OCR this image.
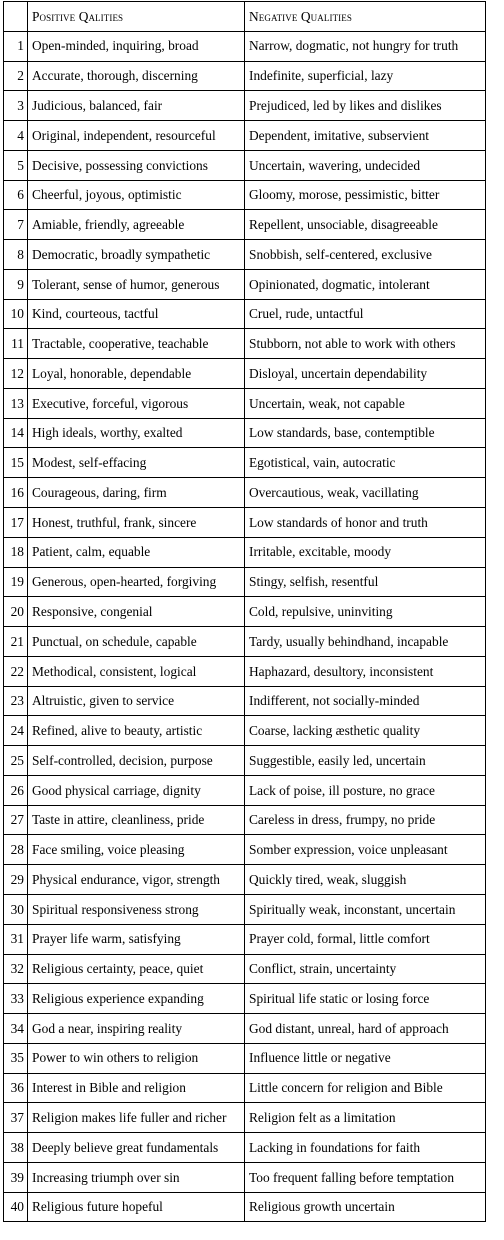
	Positive Qalities	Negative Qualities
1	Open-minded, inquiring, broad	Narrow, dogmatic, not hungry for truth
2	Accurate, thorough, discerning	Indefinite, superficial, lazy
3	Judicious, balanced, fair	Prejudiced, led by likes and dislikes
4	Original, independent, resourceful	Dependent, imitative, subservient
5	Decisive, possessing convictions	Uncertain, wavering, undecided
6	Cheerful, joyous, optimistic	Gloomy, morose, pessimistic, bitter
7	Amiable, friendly, agreeable	Repellent, unsociable, disagreeable
8	Democratic, broadly sympathetic	Snobbish, self-centered, exclusive
9	Tolerant, sense of humor, generous	Opinionated, dogmatic, intolerant
10	Kind, courteous, tactful	Cruel, rude, untactful
11	Tractable, cooperative, teachable	Stubborn, not able to work with others
12	Loyal, honorable, dependable	Disloyal, uncertain dependability
13	Executive, forceful, vigorous	Uncertain, weak, not capable
14	High ideals, worthy, exalted	Low standards, base, contemptible
15	Modest, self-effacing	Egotistical, vain, autocratic
16	Courageous, daring, firm	Overcautious, weak, vacillating
17	Honest, truthful, frank, sincere	Low standards of honor and truth
18	Patient, calm, equable	Irritable, excitable, moody
19	Generous, open-hearted, forgiving	Stingy, selfish, resentful
20	Responsive, congenial	Cold, repulsive, uninviting
21	Punctual, on schedule, capable	Tardy, usually behindhand, incapable
22	Methodical, consistent, logical	Haphazard, desultory, inconsistent
23	Altruistic, given to service	Indifferent, not socially-minded
24	Refined, alive to beauty, artistic	Coarse, lacking æsthetic quality
25	Self-controlled, decision, purpose	Suggestible, easily led, uncertain
26	Good physical carriage, dignity	Lack of poise, ill posture, no grace
27	Taste in attire, cleanliness, pride	Careless in dress, frumpy, no pride
28	Face smiling, voice pleasing	Somber expression, voice unpleasant
29	Physical endurance, vigor, strength	Quickly tired, weak, sluggish
30	Spiritual responsiveness strong	Spiritually weak, inconstant, uncertain
31	Prayer life warm, satisfying	Prayer cold, formal, little comfort
32	Religious certainty, peace, quiet	Conflict, strain, uncertainty
33	Religious experience expanding	Spiritual life static or losing force
34	God a near, inspiring reality	God distant, unreal, hard of approach
35	Power to win others to religion	Influence little or negative
36	Interest in Bible and religion	Little concern for religion and Bible
37	Religion makes life fuller and richer	Religion felt as a limitation
38	Deeply believe great fundamentals	Lacking in foundations for faith
39	Increasing triumph over sin	Too frequent falling before temptation
40	Religious future hopeful	Religious growth uncertain
